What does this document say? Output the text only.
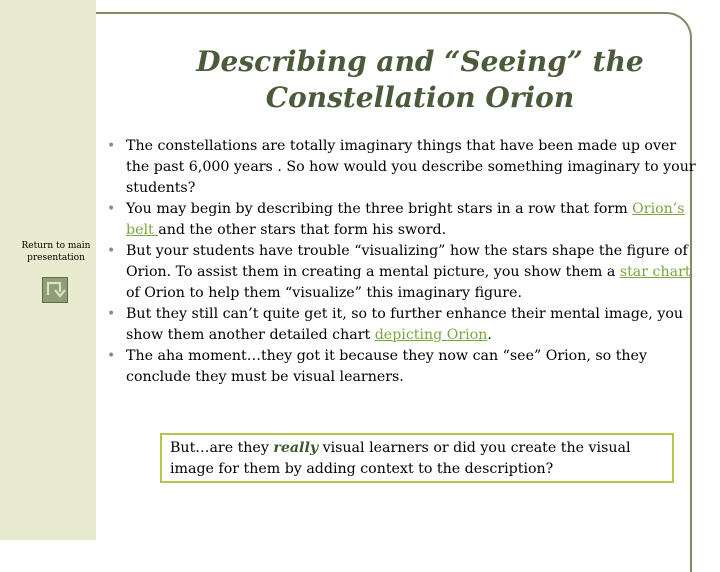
Describing and “Seeing” the
Constellation Orion
Return to main
presentation
• The constellations are totally imaginary things that have been made up over the past 6,000 years . So how would you describe something imaginary to your students?
• You may begin by describing the three bright stars in a row that form Orion’s belt and the other stars that form his sword.
• But your students have trouble “visualizing” how the stars shape the figure of Orion. To assist them in creating a mental picture, you show them a star chart of Orion to help them “visualize” this imaginary figure.
• But they still can’t quite get it, so to further enhance their mental image, you show them another detailed chart depicting Orion.
• The aha moment…they got it because they now can “see” Orion, so they conclude they must be visual learners.
But…are they really visual learners or did you create the visual image for them by adding context to the description?
